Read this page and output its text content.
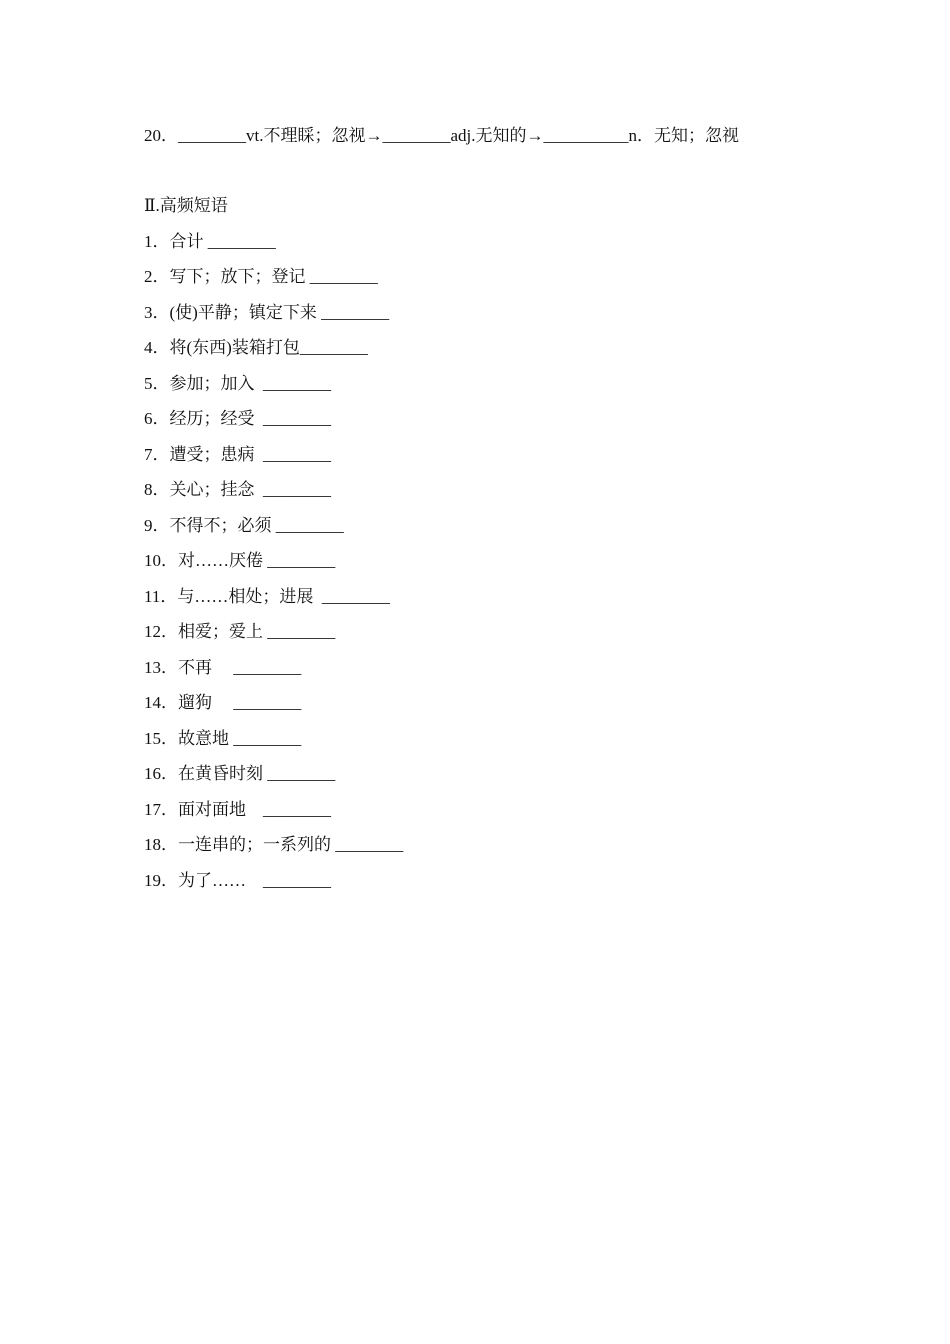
20．________vt.不理睬；忽视→________adj.无知的→__________n．无知；忽视
Ⅱ.高频短语
1．合计 ________
2．写下；放下；登记 ________
3．(使)平静；镇定下来 ________
4．将(东西)装箱打包________
5．参加；加入  ________
6．经历；经受  ________
7．遭受；患病  ________
8．关心；挂念  ________
9．不得不；必须 ________
10．对……厌倦 ________
11．与……相处；进展  ________
12．相爱；爱上 ________
13．不再     ________
14．遛狗     ________
15．故意地 ________
16．在黄昏时刻 ________
17．面对面地    ________
18．一连串的；一系列的 ________
19．为了……    ________
